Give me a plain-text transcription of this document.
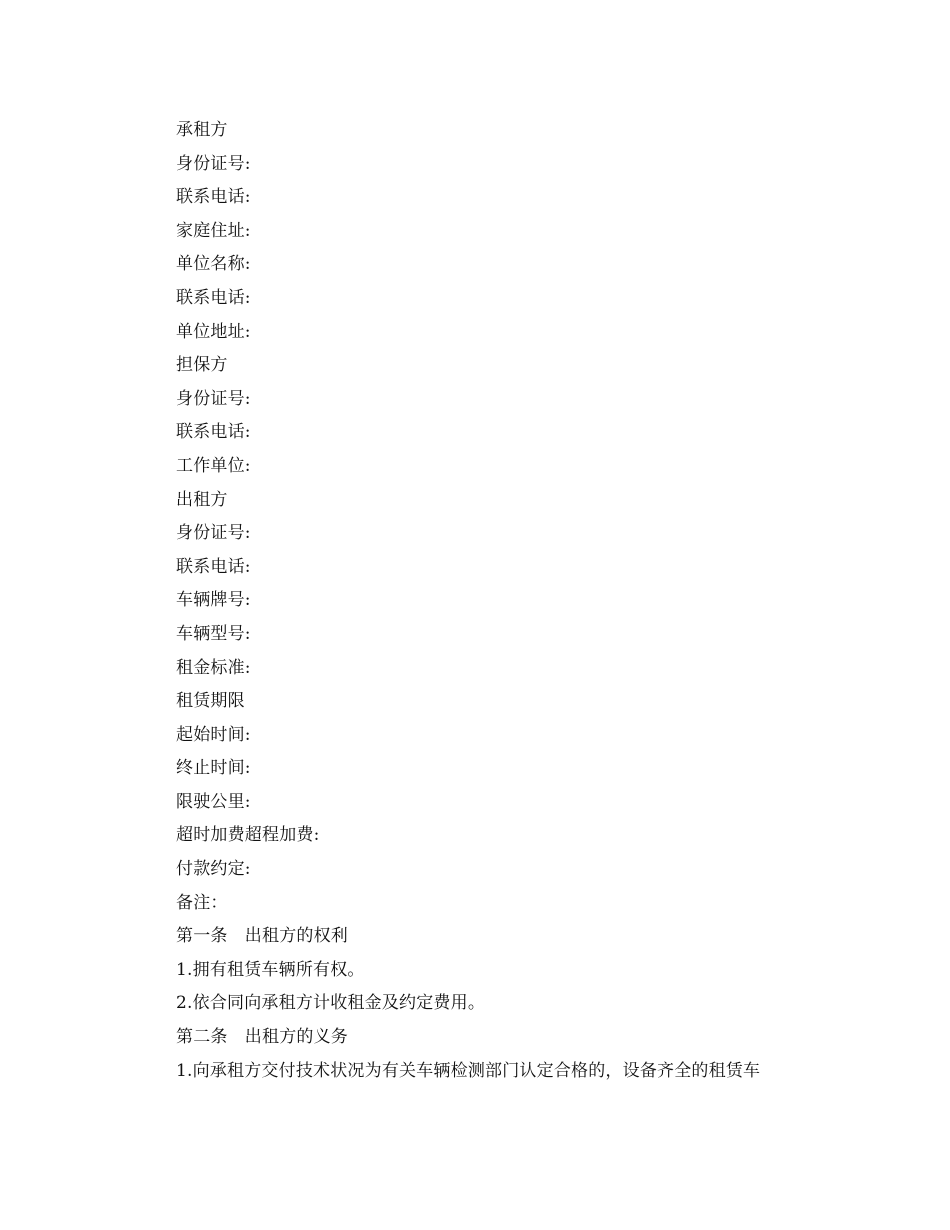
承租方
身份证号:
联系电话:
家庭住址:
单位名称:
联系电话:
单位地址:
担保方
身份证号:
联系电话:
工作单位:
出租方
身份证号:
联系电话:
车辆牌号:
车辆型号:
租金标准:
租赁期限
起始时间:
终止时间:
限驶公里:
超时加费超程加费:
付款约定:
备注：
第一条　出租方的权利
1.拥有租赁车辆所有权。
2.依合同向承租方计收租金及约定费用。
第二条　出租方的义务
1.向承租方交付技术状况为有关车辆检测部门认定合格的，设备齐全的租赁车
